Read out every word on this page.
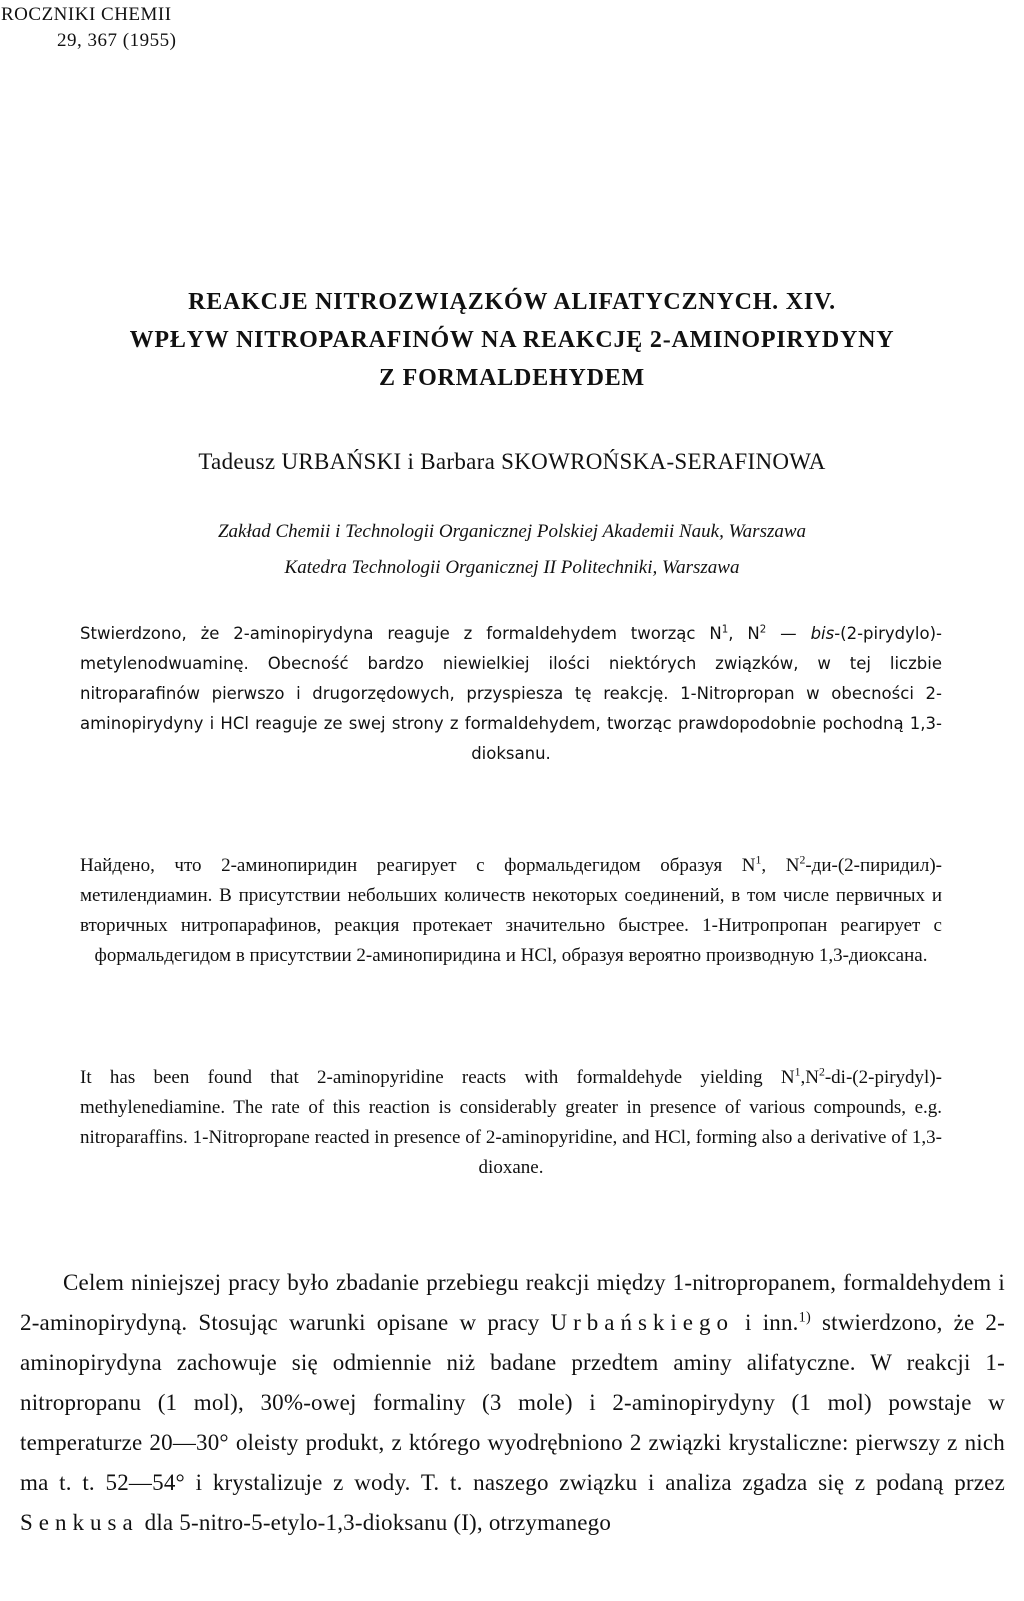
ROCZNIKI CHEMII
29, 367 (1955)
REAKCJE NITROZWIĄZKÓW ALIFATYCZNYCH. XIV.
WPŁYW NITROPARAFINÓW NA REAKCJĘ 2-AMINOPIRYDYNY
Z FORMALDEHYDEM
Tadeusz URBAŃSKI i Barbara SKOWROŃSKA-SERAFINOWA
Zakład Chemii i Technologii Organicznej Polskiej Akademii Nauk, Warszawa
Katedra Technologii Organicznej II Politechniki, Warszawa
Stwierdzono, że 2-aminopirydyna reaguje z formaldehydem tworząc $N^1$, $N^2$ — bis-(2-pirydylo)-metylenodwuaminę. Obecność bardzo niewielkiej ilości niektórych związków, w tej liczbie nitroparafinów pierwszo i drugorzędowych, przyspiesza tę reakcję. 1-Nitropropan w obecności 2-aminopirydyny i HCl reaguje ze swej strony z formaldehydem, tworząc prawdopodobnie pochodną 1,3-dioksanu.
Найдено, что 2-аминопиридин реагирует с формальдегидом образуя $N^1$, $N^2-ди-(2-пиридил)$-метилендиамин. В присутствии небольших количеств некоторых соединений, в том числе первичных и вторичных нитропарафинов, реакция протекает значительно быстрее. 1-Нитропропан реагирует с формальдегидом в присутствии 2-аминопиридина и HCl, образуя вероятно производную 1,3-диоксана.
It has been found that 2-aminopyridine reacts with formaldehyde yielding $N^1,N^2-di-(2-pirydyl)$-methylenediamine. The rate of this reaction is considerably greater in presence of various compounds, e.g. nitroparaffins. 1-Nitropropane reacted in presence of 2-aminopyridine, and HCl, forming also a derivative of 1,3-dioxane.
Celem niniejszej pracy było zbadanie przebiegu reakcji między 1-nitropropanem, formaldehydem i 2-aminopirydyną. Stosując warunki opisane w pracy Urbańskiego i inn.$^{1)}$ stwierdzono, że 2-aminopirydyna zachowuje się odmiennie niż badane przedtem aminy alifatyczne. W reakcji 1-nitropropanu (1 mol), 30%-owej formaliny (3 mole) i 2-aminopirydyny (1 mol) powstaje w temperaturze 20—30° oleisty produkt, z którego wyodrębniono 2 związki krystaliczne: pierwszy z nich ma t. t. 52—54° i krystalizuje z wody. T. t. naszego związku i analiza zgadza się z podaną przez Senkusa dla 5-nitro-5-etylo-1,3-dioksanu (I), otrzymanego
